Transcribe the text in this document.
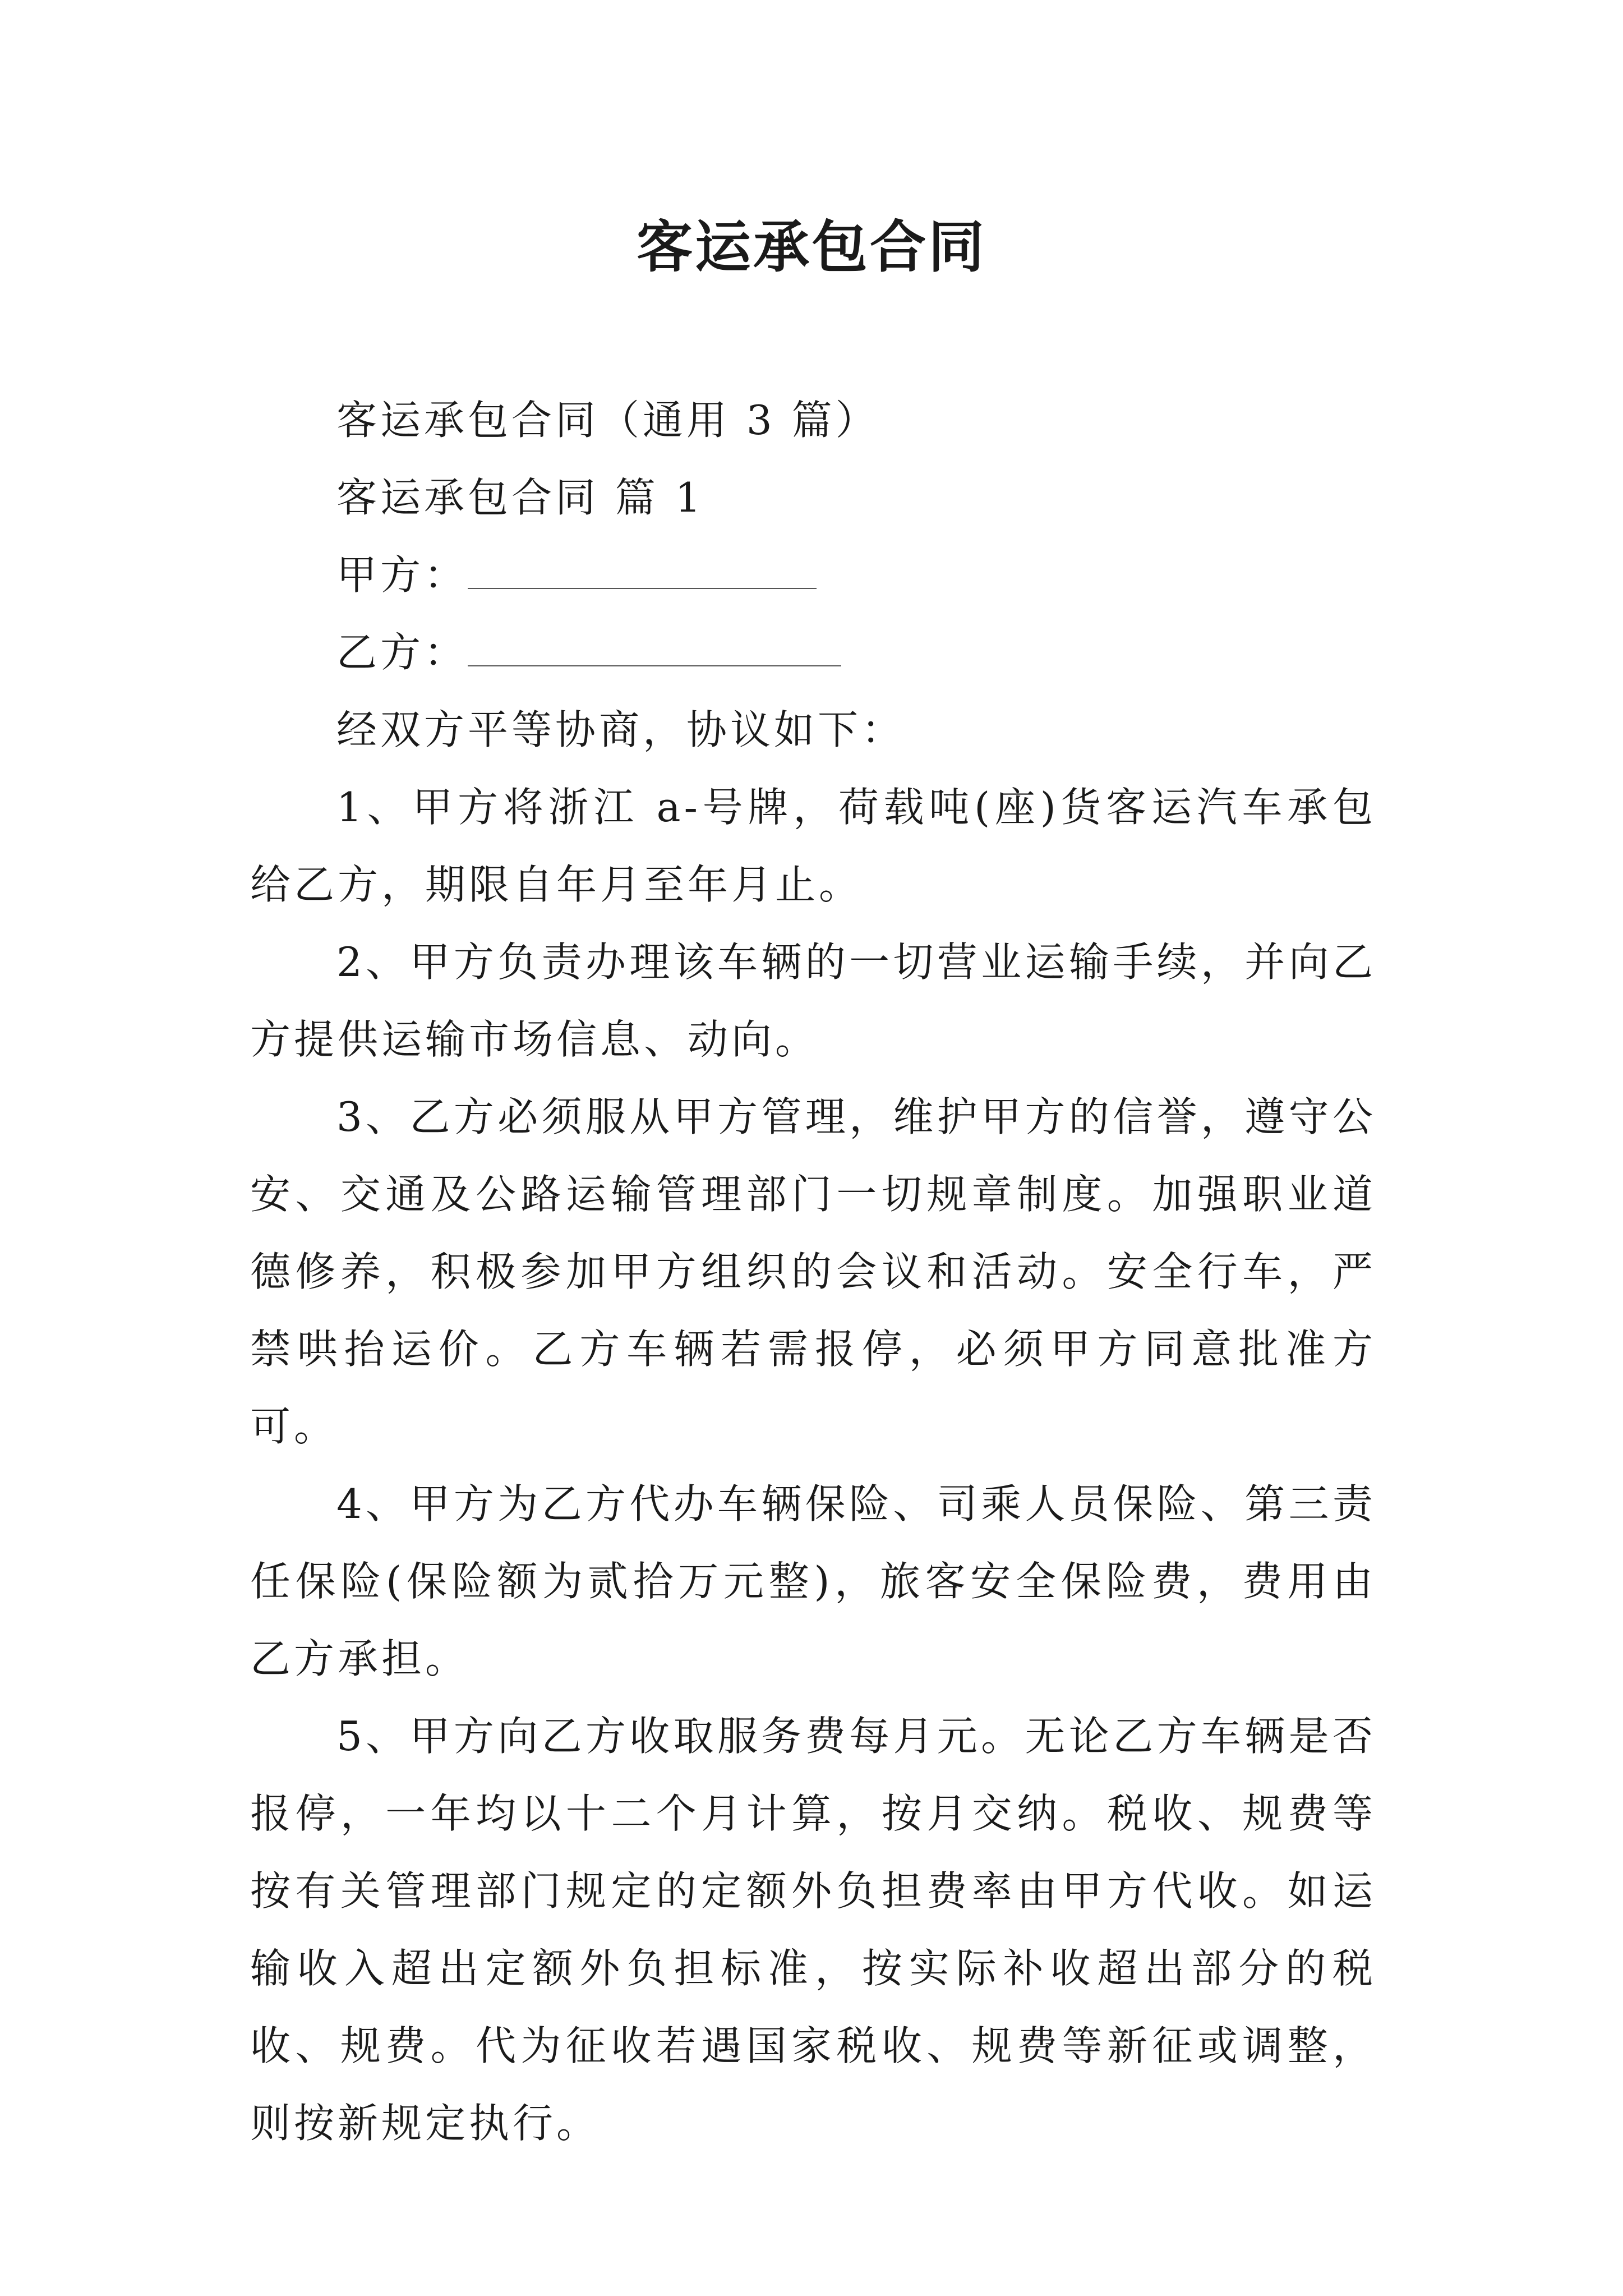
客运承包合同

客运承包合同（通用 3 篇）

客运承包合同 篇 1

甲方：

乙方：

经双方平等协商，协议如下：

1、甲方将浙江 a-号牌，荷载吨(座)货客运汽车承包给乙方，期限自年月至年月止。

2、甲方负责办理该车辆的一切营业运输手续，并向乙方提供运输市场信息、动向。

3、乙方必须服从甲方管理，维护甲方的信誉，遵守公安、交通及公路运输管理部门一切规章制度。加强职业道德修养，积极参加甲方组织的会议和活动。安全行车，严禁哄抬运价。乙方车辆若需报停，必须甲方同意批准方可。

4、甲方为乙方代办车辆保险、司乘人员保险、第三责任保险(保险额为贰拾万元整)，旅客安全保险费，费用由乙方承担。

5、甲方向乙方收取服务费每月元。无论乙方车辆是否报停，一年均以十二个月计算，按月交纳。税收、规费等按有关管理部门规定的定额外负担费率由甲方代收。如运输收入超出定额外负担标准，按实际补收超出部分的税收、规费。代为征收若遇国家税收、规费等新征或调整，则按新规定执行。
